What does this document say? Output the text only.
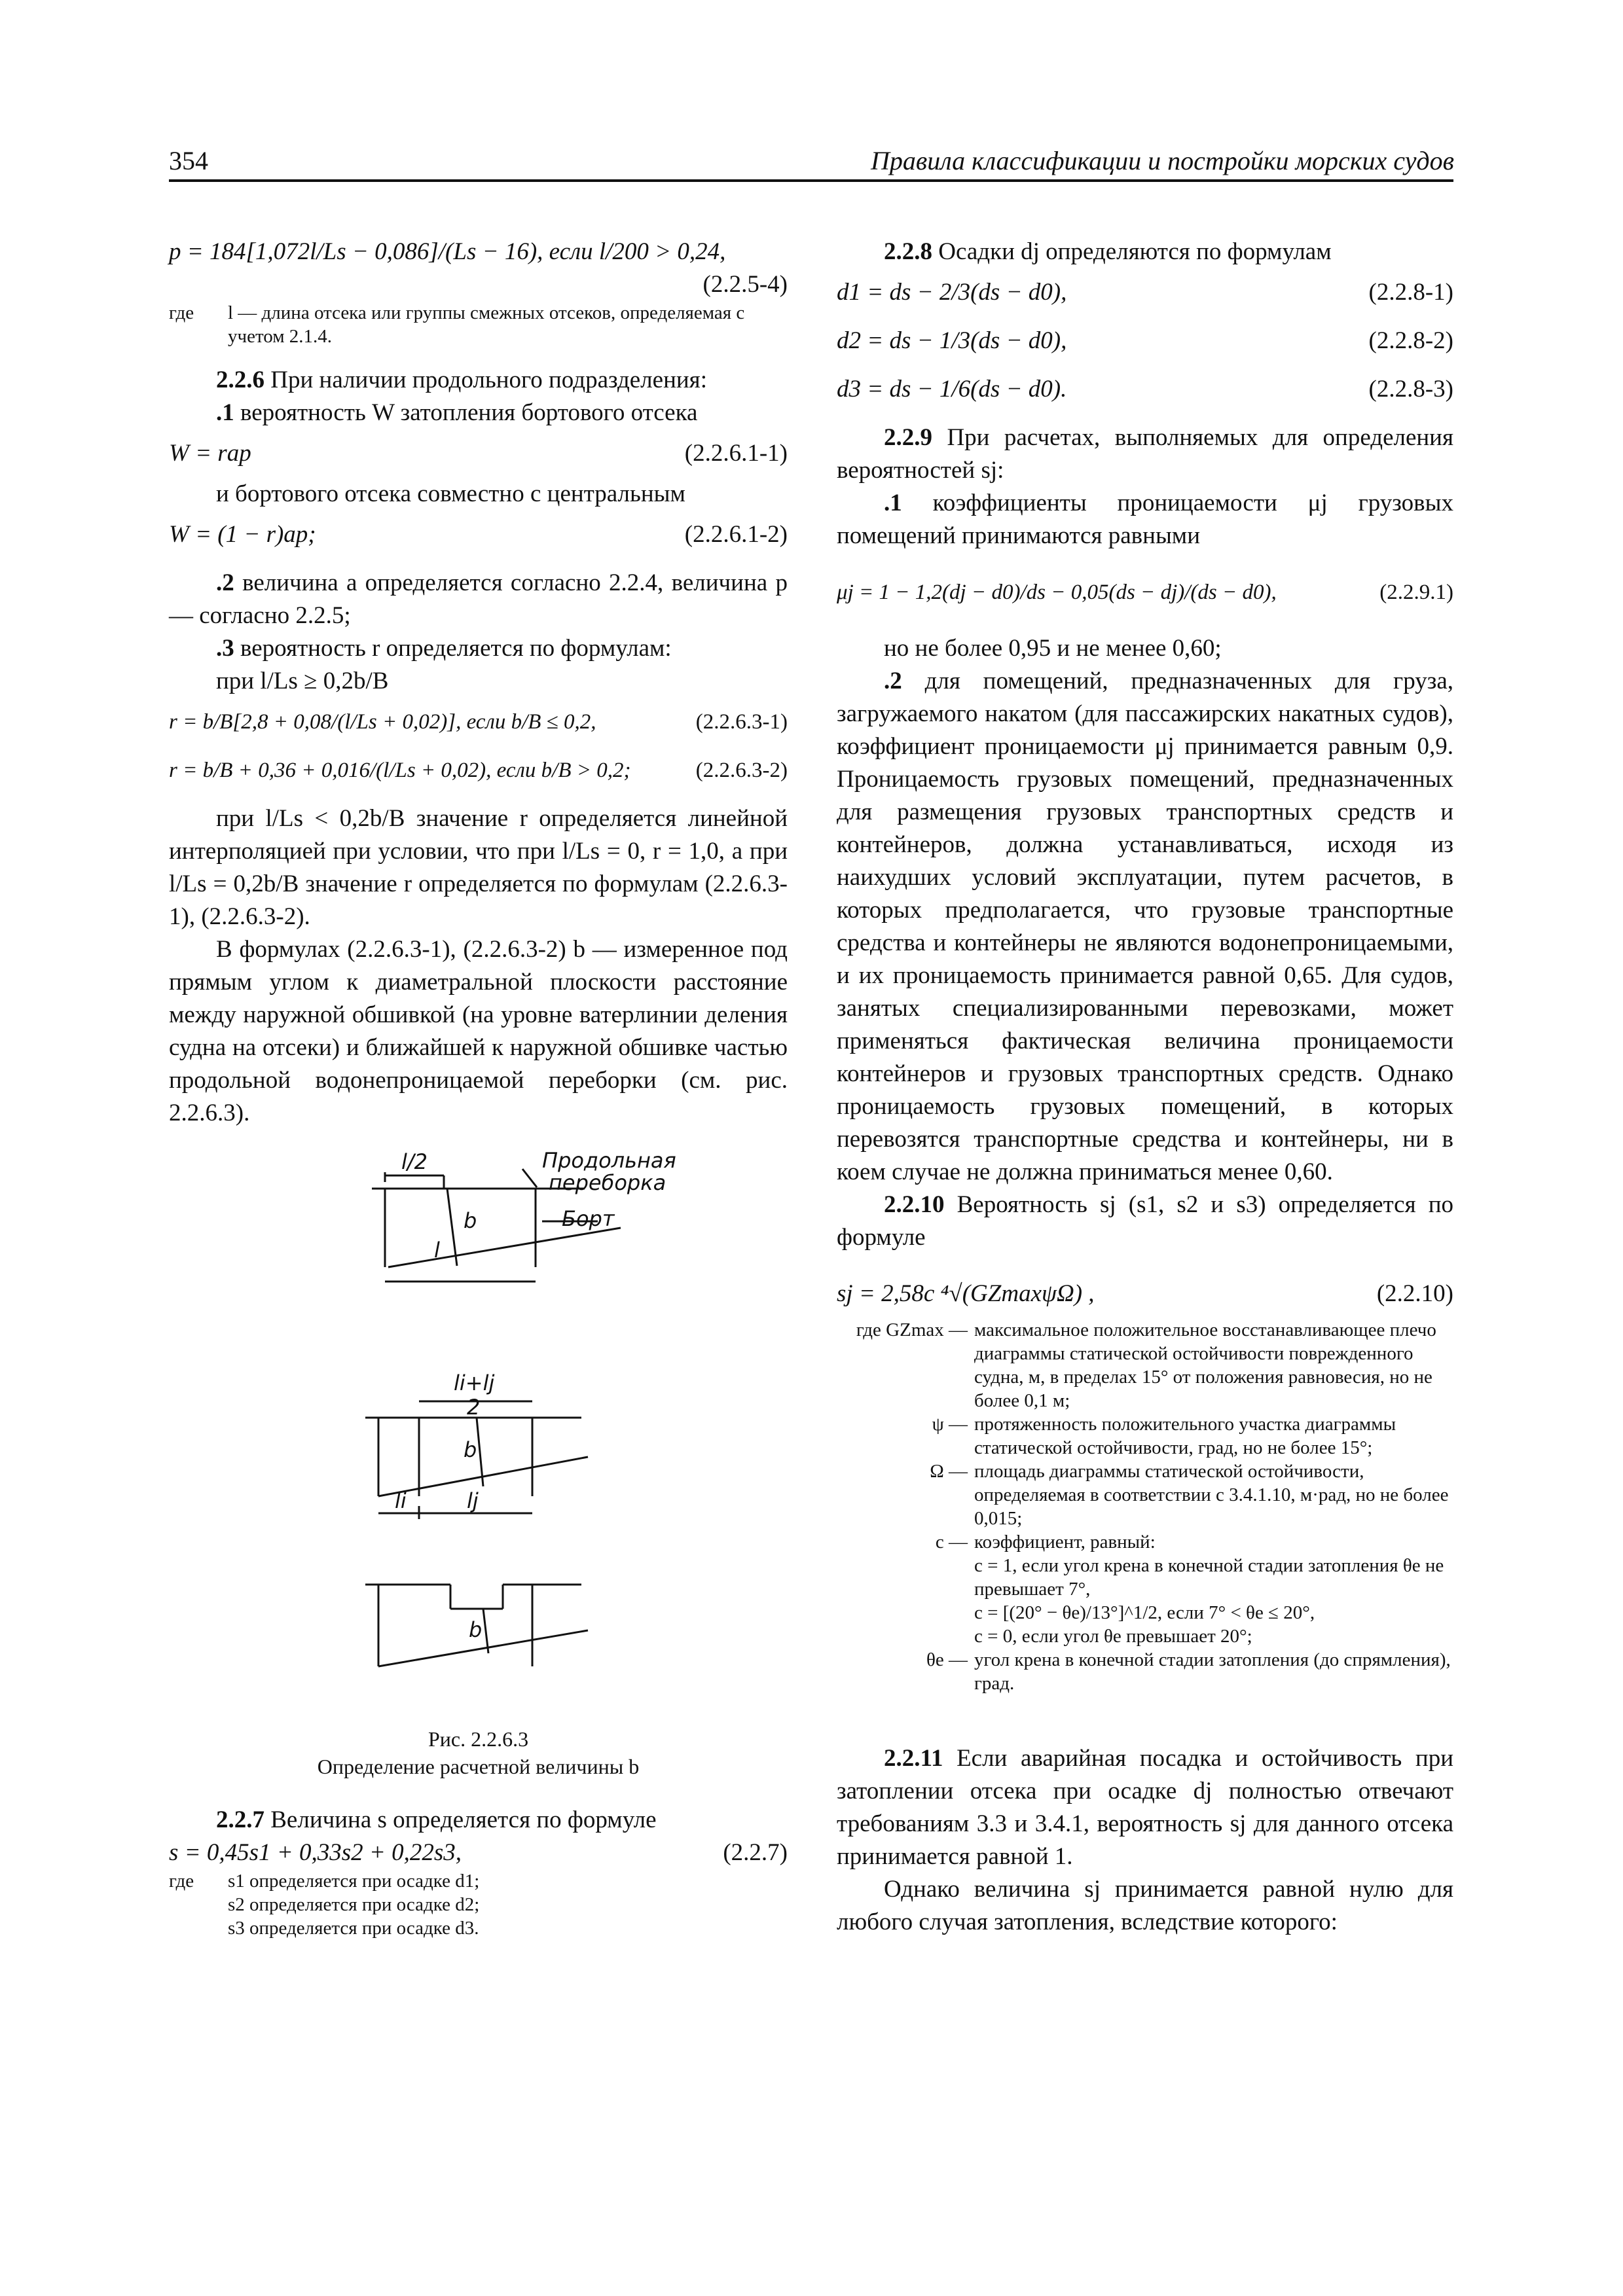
354	Правила классификации и постройки морских судов
p = 184[1,072l/Ls − 0,086]/(Ls − 16), если l/200 > 0,24,
(2.2.5-4)
где	l — длина отсека или группы смежных отсеков, определяемая с учетом 2.1.4.

2.2.6 При наличии продольного подразделения:

.1 вероятность W затопления бортового отсека

W = rap	(2.2.6.1-1)

и бортового отсека совместно с центральным

W = (1 − r)ap;	(2.2.6.1-2)

.2 величина a определяется согласно 2.2.4, величина p — согласно 2.2.5;

.3 вероятность r определяется по формулам:

при l/Ls ≥ 0,2b/B

r = b/B[2,8 + 0,08/(l/Ls + 0,02)], если b/B ≤ 0,2,	(2.2.6.3-1)
r = b/B + 0,36 + 0,016/(l/Ls + 0,02), если b/B > 0,2;	(2.2.6.3-2)

при l/Ls < 0,2b/B значение r определяется линейной интерполяцией при условии, что при l/Ls = 0, r = 1,0, а при l/Ls = 0,2b/B значение r определяется по формулам (2.2.6.3-1), (2.2.6.3-2).

В формулах (2.2.6.3-1), (2.2.6.3-2) b — измеренное под прямым углом к диаметральной плоскости расстояние между наружной обшивкой (на уровне ватерлинии деления судна на отсеки) и ближайшей к наружной обшивке частью продольной водонепроницаемой переборки (см. рис. 2.2.6.3).

l/2	Продольная
переборка
Борт
b
l
li+lj
2
b
li	lj
b
Рис. 2.2.6.3
Определение расчетной величины b

2.2.7 Величина s определяется по формуле

s = 0,45s1 + 0,33s2 + 0,22s3,	(2.2.7)
где	s1 определяется при осадке d1;
s2 определяется при осадке d2;
s3 определяется при осадке d3.

2.2.8 Осадки dj определяются по формулам

d1 = ds − 2/3(ds − d0),	(2.2.8-1)
d2 = ds − 1/3(ds − d0),	(2.2.8-2)
d3 = ds − 1/6(ds − d0).	(2.2.8-3)

2.2.9 При расчетах, выполняемых для определения вероятностей sj:

.1 коэффициенты проницаемости μj грузовых помещений принимаются равными

μj = 1 − 1,2(dj − d0)/ds − 0,05(ds − dj)/(ds − d0),	(2.2.9.1)

но не более 0,95 и не менее 0,60;

.2 для помещений, предназначенных для груза, загружаемого накатом (для пассажирских накатных судов), коэффициент проницаемости μj принимается равным 0,9. Проницаемость грузовых помещений, предназначенных для размещения грузовых транспортных средств и контейнеров, должна устанавливаться, исходя из наихудших условий эксплуатации, путем расчетов, в которых предполагается, что грузовые транспортные средства и контейнеры не являются водонепроницаемыми, и их проницаемость принимается равной 0,65. Для судов, занятых специализированными перевозками, может применяться фактическая величина проницаемости контейнеров и грузовых транспортных средств. Однако проницаемость грузовых помещений, в которых перевозятся транспортные средства и контейнеры, ни в коем случае не должна приниматься менее 0,60.

2.2.10 Вероятность sj (s1, s2 и s3) определяется по формуле

sj = 2,58c ⁴√(GZmaxψΩ) ,	(2.2.10)
где GZmax — максимальное положительное восстанавливающее плечо диаграммы статической остойчивости поврежденного судна, м, в пределах 15° от положения равновесия, но не более 0,1 м;
ψ — протяженность положительного участка диаграммы статической остойчивости, град, но не более 15°;
Ω — площадь диаграммы статической остойчивости, определяемая в соответствии с 3.4.1.10, м·рад, но не более 0,015;
c — коэффициент, равный:
c = 1, если угол крена в конечной стадии затопления θe не превышает 7°,
c = [(20° − θe)/13°]^1/2, если 7° < θe ≤ 20°,
c = 0, если угол θe превышает 20°;
θe — угол крена в конечной стадии затопления (до спрямления), град.

2.2.11 Если аварийная посадка и остойчивость при затоплении отсека при осадке dj полностью отвечают требованиям 3.3 и 3.4.1, вероятность sj для данного отсека принимается равной 1.

Однако величина sj принимается равной нулю для любого случая затопления, вследствие которого:
